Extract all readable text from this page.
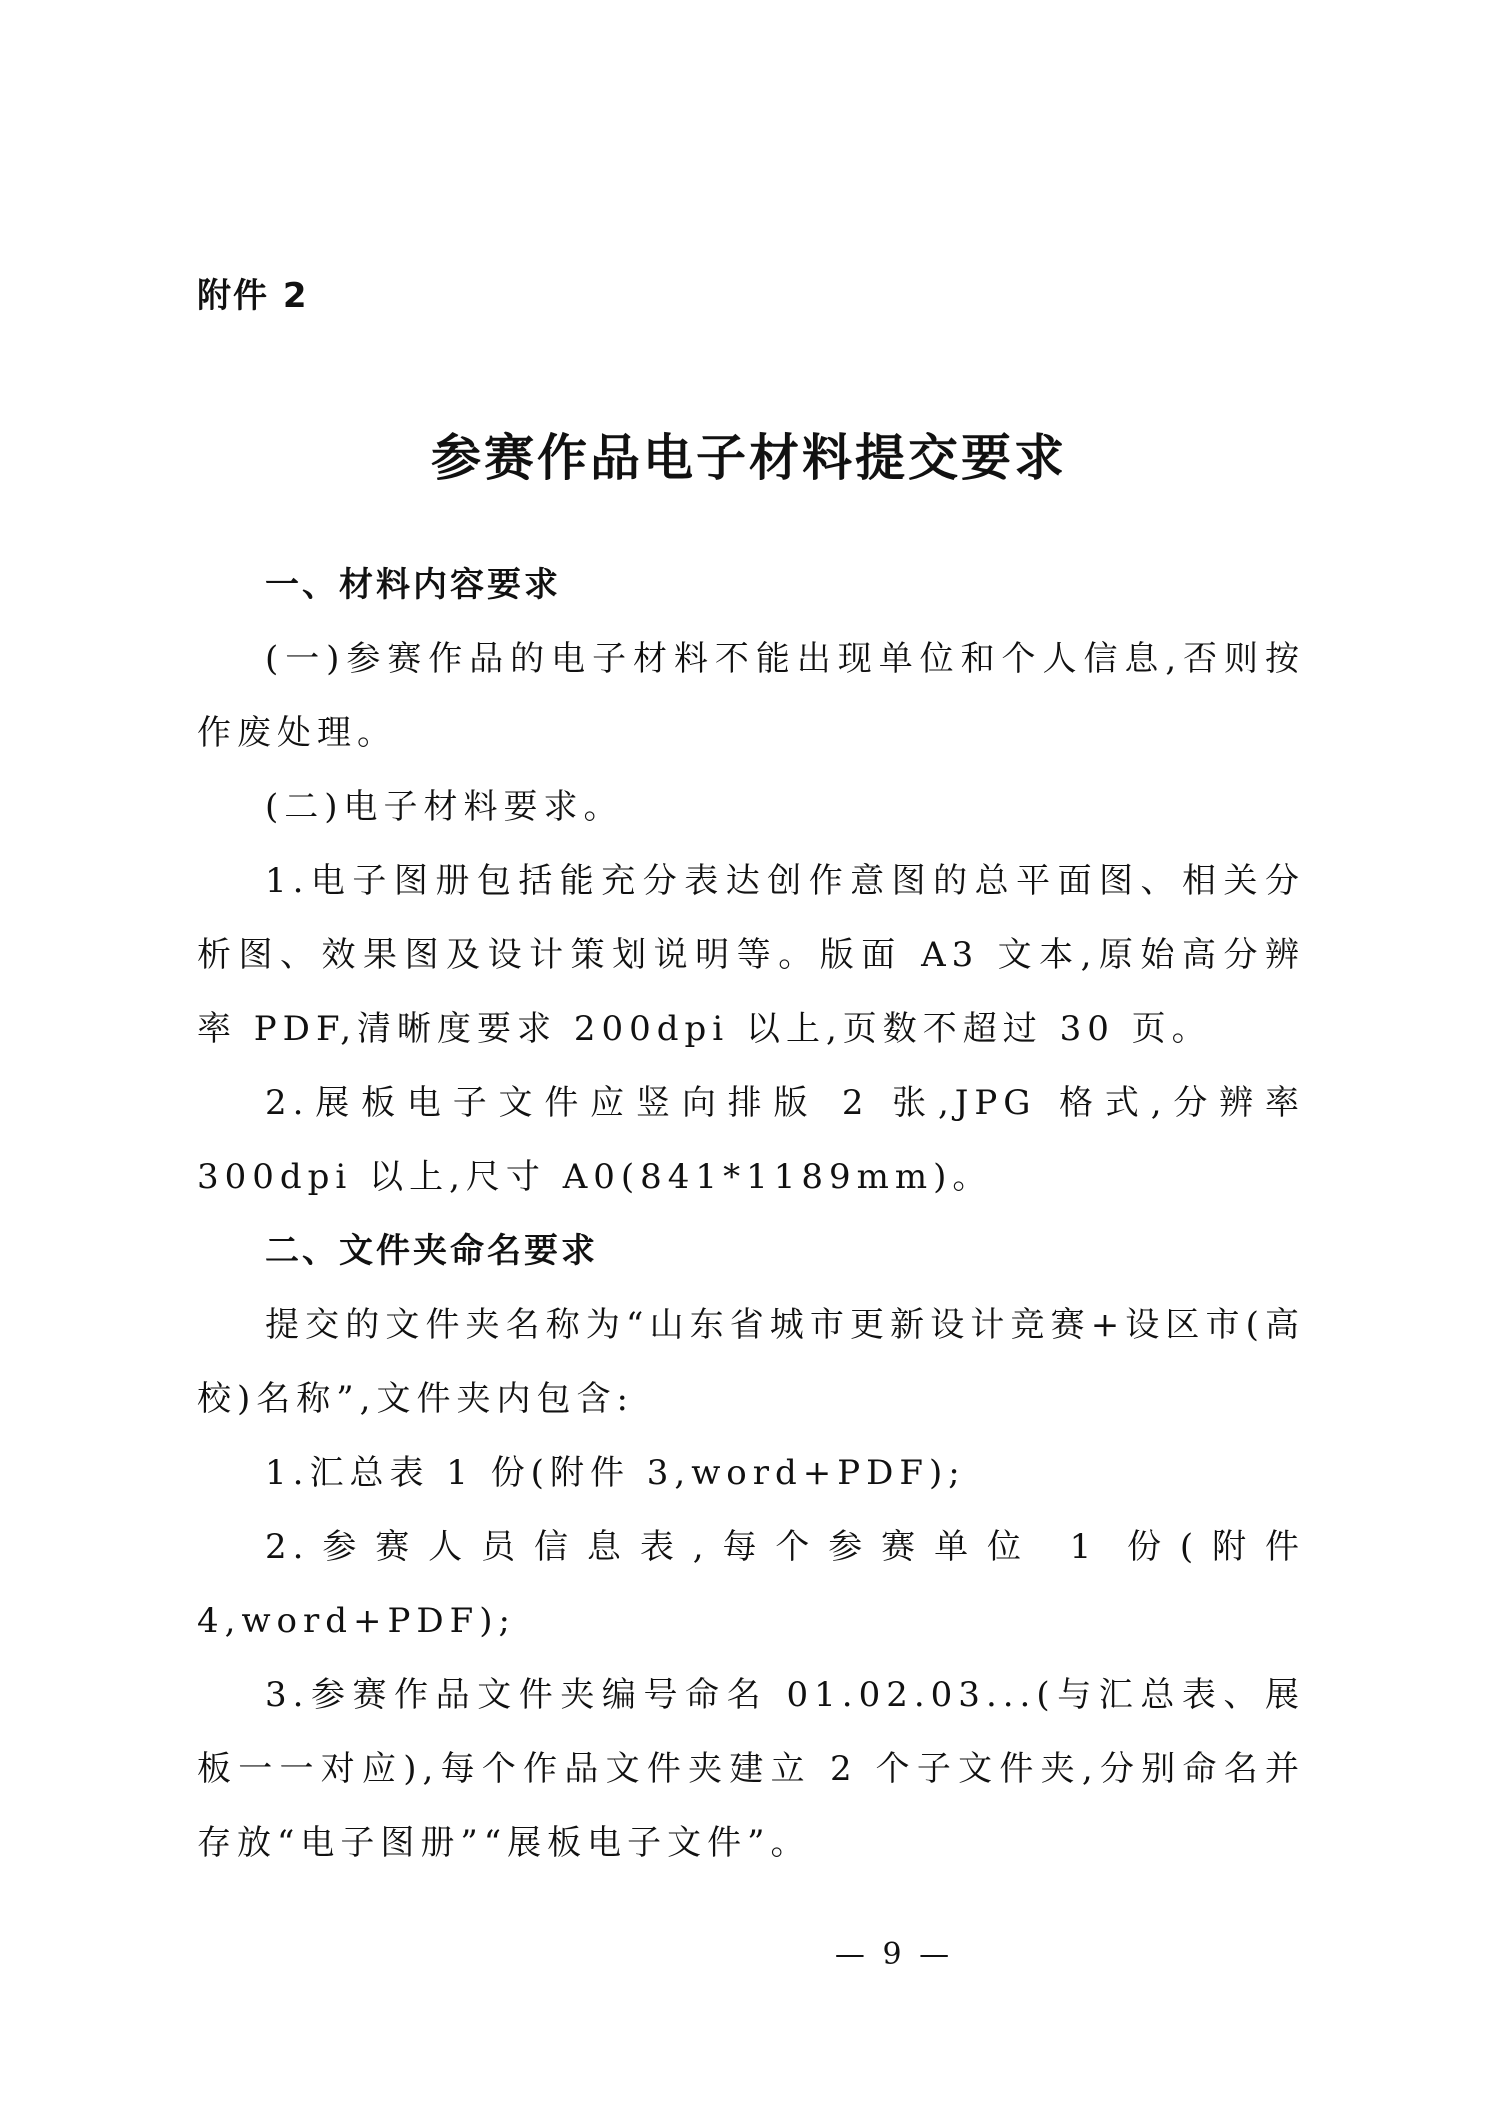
附件 2
参赛作品电子材料提交要求

一、材料内容要求

(一)参赛作品的电子材料不能出现单位和个人信息,否则按作废处理。

(二)电子材料要求。

1.电子图册包括能充分表达创作意图的总平面图、相关分析图、效果图及设计策划说明等。版面 A3 文本,原始高分辨率 PDF,清晰度要求 200dpi 以上,页数不超过 30 页。

2.展板电子文件应竖向排版 2 张,JPG 格式,分辨率 300dpi 以上,尺寸 A0(841*1189mm)。

二、文件夹命名要求

提交的文件夹名称为“山东省城市更新设计竞赛+设区市(高校)名称”,文件夹内包含:

1.汇总表 1 份(附件 3,word+PDF);

2.参赛人员信息表,每个参赛单位 1 份(附件 4,word+PDF);

3.参赛作品文件夹编号命名 01.02.03...(与汇总表、展板一一对应),每个作品文件夹建立 2 个子文件夹,分别命名并存放“电子图册”“展板电子文件”。

— 9 —
